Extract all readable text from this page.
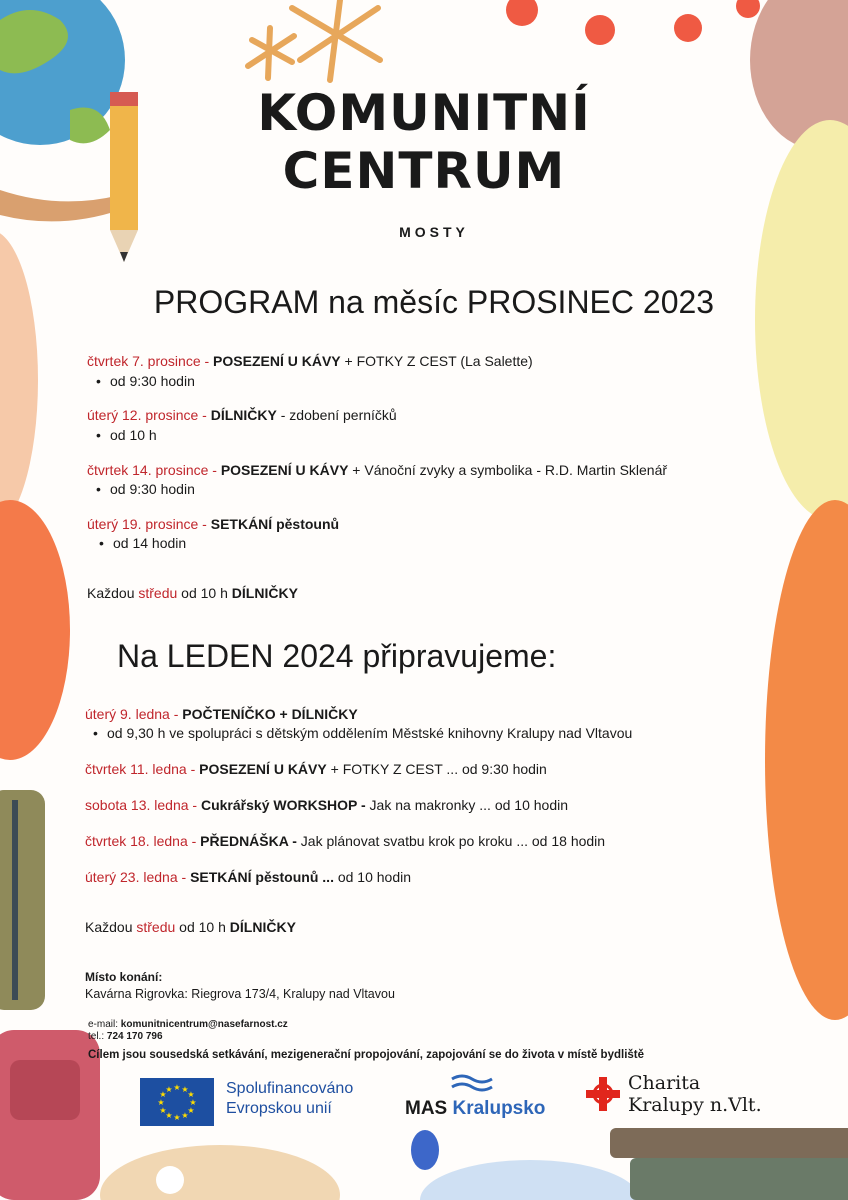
KOMUNITNÍ
CENTRUM
MOSTY
PROGRAM na měsíc PROSINEC 2023
čtvrtek 7. prosince - POSEZENÍ U KÁVY + FOTKY Z CEST (La Salette)
• od 9:30 hodin
úterý 12. prosince - DÍLNIČKY - zdobení perníčků
• od 10 h
čtvrtek 14. prosince - POSEZENÍ U KÁVY + Vánoční zvyky a symbolika - R.D. Martin Sklenář
• od 9:30 hodin
úterý 19. prosince - SETKÁNÍ pěstounů
• od 14 hodin
Každou středu od 10 h DÍLNIČKY
Na LEDEN 2024 připravujeme:
úterý 9. ledna - POČTENÍČKO + DÍLNIČKY
• od 9,30 h ve spolupráci s dětským oddělením Městské knihovny Kralupy nad Vltavou
čtvrtek 11. ledna - POSEZENÍ U KÁVY + FOTKY Z CEST ... od 9:30 hodin
sobota 13. ledna - Cukrářský WORKSHOP - Jak na makronky ... od 10 hodin
čtvrtek 18. ledna - PŘEDNÁŠKA - Jak plánovat svatbu krok po kroku ... od 18 hodin
úterý 23. ledna - SETKÁNÍ pěstounů ... od 10 hodin
Každou středu od 10 h DÍLNIČKY
Místo konání:
Kavárna Rigrovka: Riegrova 173/4, Kralupy nad Vltavou
e-mail: komunitnicentrum@nasefarnost.cz
tel.: 724 170 796
Cílem jsou sousedská setkávání, mezigenerační propojování, zapojování se do života v místě bydliště
★ ★
★
★
★
★
★
★
★
★
★
★	Spolufinancováno
Evropskou unií	MAS Kralupsko
Charita
Kralupy n.Vlt.
